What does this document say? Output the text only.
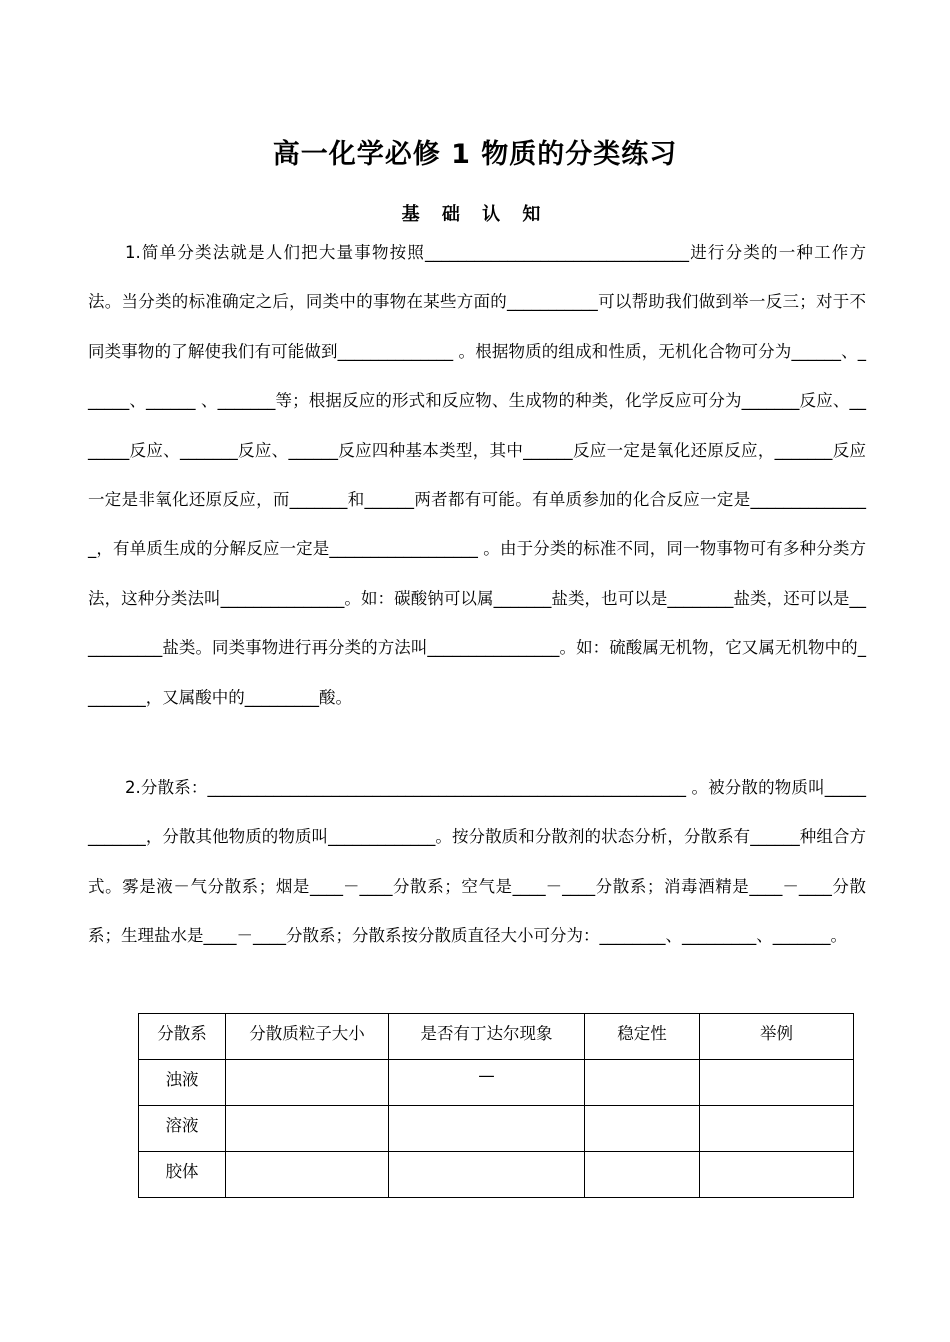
高一化学必修 1 物质的分类练习
基 础 认 知
1.简单分类法就是人们把大量事物按照________________________________进行分类的一种工作方法。当分类的标准确定之后，同类中的事物在某些方面的___________可以帮助我们做到举一反三；对于不同类事物的了解使我们有可能做到______________ 。根据物质的组成和性质，无机化合物可分为______、______、______ 、_______等；根据反应的形式和反应物、生成物的种类，化学反应可分为_______反应、_______反应、_______反应、______反应四种基本类型，其中______反应一定是氧化还原反应，_______反应一定是非氧化还原反应，而_______和______两者都有可能。有单质参加的化合反应一定是_______________，有单质生成的分解反应一定是__________________ 。由于分类的标准不同，同一物事物可有多种分类方法，这种分类法叫_______________。如：碳酸钠可以属_______盐类，也可以是________盐类，还可以是___________盐类。同类事物进行再分类的方法叫________________。如：硫酸属无机物，它又属无机物中的________，又属酸中的_________酸。
2.分散系：__________________________________________________________ 。被分散的物质叫____________，分散其他物质的物质叫_____________。按分散质和分散剂的状态分析，分散系有______种组合方式。雾是液－气分散系；烟是____－____分散系；空气是____－____分散系；消毒酒精是____－____分散系；生理盐水是____－____分散系；分散系按分散质直径大小可分为：________、_________、_______。
分散系	分散质粒子大小	是否有丁达尔现象	稳定性	举例
浊液		—		
溶液				
胶体				
